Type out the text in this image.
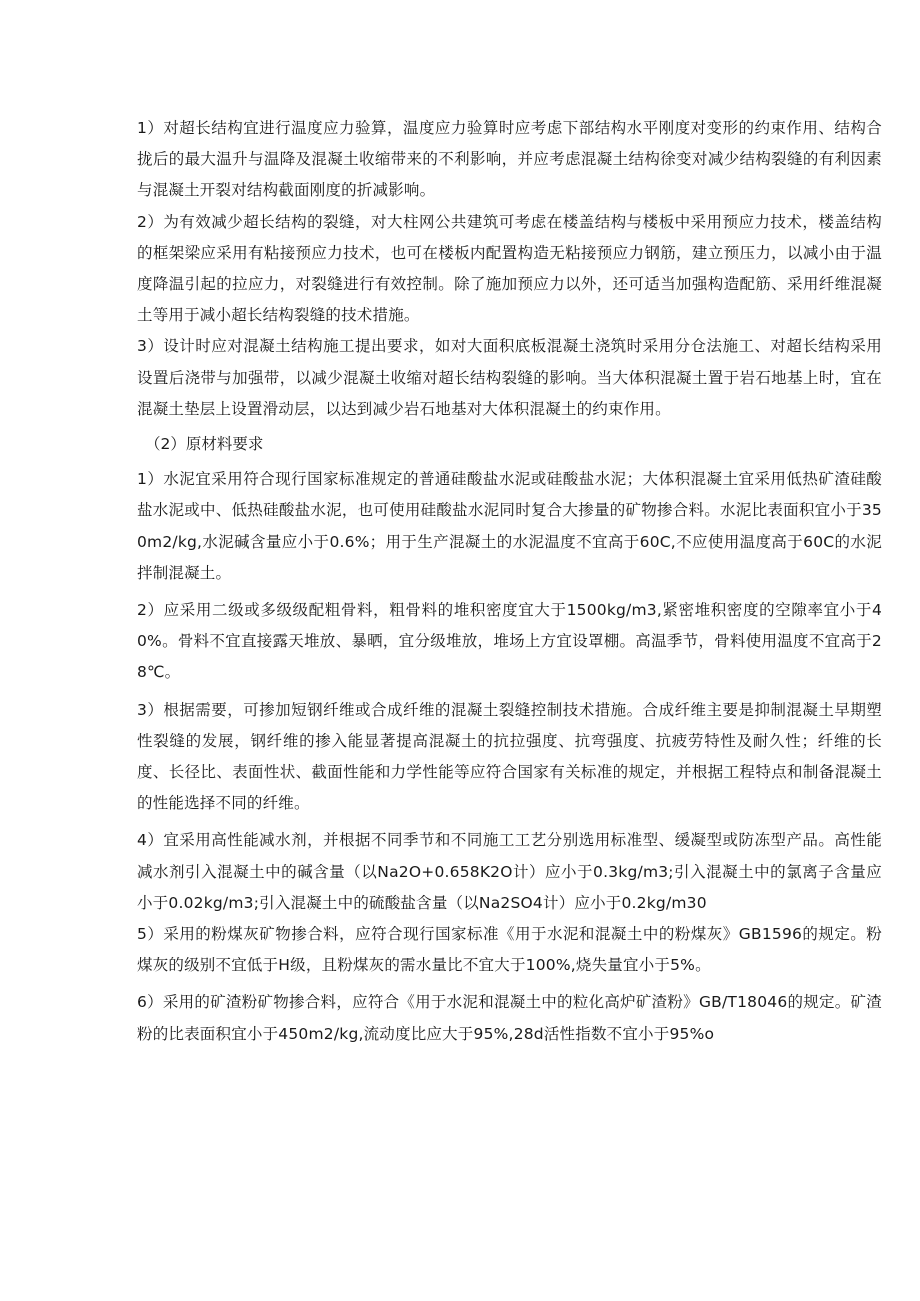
1）对超长结构宜进行温度应力验算，温度应力验算时应考虑下部结构水平刚度对变形的约束作用、结构合拢后的最大温升与温降及混凝土收缩带来的不利影响，并应考虑混凝土结构徐变对减少结构裂缝的有利因素与混凝土开裂对结构截面刚度的折减影响。

2）为有效减少超长结构的裂缝，对大柱网公共建筑可考虑在楼盖结构与楼板中采用预应力技术，楼盖结构的框架梁应采用有粘接预应力技术，也可在楼板内配置构造无粘接预应力钢筋，建立预压力，以减小由于温度降温引起的拉应力，对裂缝进行有效控制。除了施加预应力以外，还可适当加强构造配筋、采用纤维混凝土等用于减小超长结构裂缝的技术措施。

3）设计时应对混凝土结构施工提出要求，如对大面积底板混凝土浇筑时采用分仓法施工、对超长结构采用设置后浇带与加强带，以减少混凝土收缩对超长结构裂缝的影响。当大体积混凝土置于岩石地基上时，宜在混凝土垫层上设置滑动层，以达到减少岩石地基对大体积混凝土的约束作用。

（2）原材料要求

1）水泥宜采用符合现行国家标准规定的普通硅酸盐水泥或硅酸盐水泥；大体积混凝土宜采用低热矿渣硅酸盐水泥或中、低热硅酸盐水泥，也可使用硅酸盐水泥同时复合大掺量的矿物掺合料。水泥比表面积宜小于350m2∕kg,水泥碱含量应小于0.6%；用于生产混凝土的水泥温度不宜高于60C,不应使用温度高于60C的水泥拌制混凝土。

2）应采用二级或多级级配粗骨料，粗骨料的堆积密度宜大于1500kg∕m3,紧密堆积密度的空隙率宜小于40%。骨料不宜直接露天堆放、暴晒，宜分级堆放，堆场上方宜设罩棚。高温季节，骨料使用温度不宜高于28℃。

3）根据需要，可掺加短钢纤维或合成纤维的混凝土裂缝控制技术措施。合成纤维主要是抑制混凝土早期塑性裂缝的发展，钢纤维的掺入能显著提高混凝土的抗拉强度、抗弯强度、抗疲劳特性及耐久性；纤维的长度、长径比、表面性状、截面性能和力学性能等应符合国家有关标准的规定，并根据工程特点和制备混凝土的性能选择不同的纤维。

4）宜采用高性能减水剂，并根据不同季节和不同施工工艺分别选用标准型、缓凝型或防冻型产品。高性能减水剂引入混凝土中的碱含量（以Na2O+0.658K2O计）应小于0.3kg∕m3;引入混凝土中的氯离子含量应小于0.02kg∕m3;引入混凝土中的硫酸盐含量（以Na2SO4计）应小于0.2kg∕m30

5）采用的粉煤灰矿物掺合料，应符合现行国家标准《用于水泥和混凝土中的粉煤灰》GB1596的规定。粉煤灰的级别不宜低于H级，且粉煤灰的需水量比不宜大于100%,烧失量宜小于5%。

6）采用的矿渣粉矿物掺合料，应符合《用于水泥和混凝土中的粒化高炉矿渣粉》GB/T18046的规定。矿渣粉的比表面积宜小于450m2∕kg,流动度比应大于95%,28d活性指数不宜小于95%o
